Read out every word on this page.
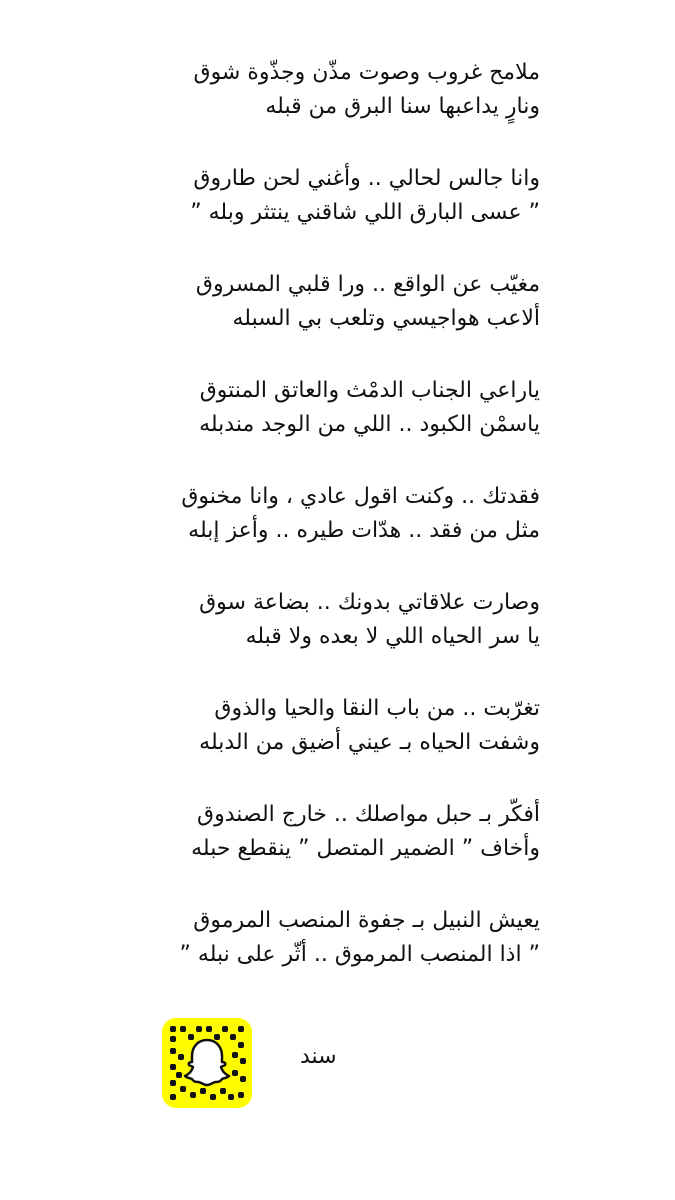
ملامح غروب وصوت مذّن وجذّوة شوق
ونارٍ يداعبها سنا البرق من قبله
وانا جالس لحالي .. وأغني لحن طاروق
” عسى البارق اللي شاقني ينتثر وبله ”
مغيّب عن الواقع .. ورا قلبي المسروق
ألاعب هواجيسي وتلعب بي السبله
ياراعي الجناب الدمْث والعاتق المنتوق
ياسمْن الكبود .. اللي من الوجد مندبله
فقدتك .. وكنت اقول عادي ، وانا مخنوق
مثل من فقد .. هدّات طيره .. وأعز إبله
وصارت علاقاتي بدونك .. بضاعة سوق
يا سر الحياه اللي لا بعده ولا قبله
تغرّبت .. من باب النقا والحيا والذوق
وشفت الحياه بـ عيني أضيق من الدبله
أفكّر بـ حبل مواصلك .. خارج الصندوق
وأخاف ” الضمير المتصل ” ينقطع حبله
يعيش النبيل بـ جفوة المنصب المرموق
” اذا المنصب المرموق .. أثّر على نبله ”

سند
